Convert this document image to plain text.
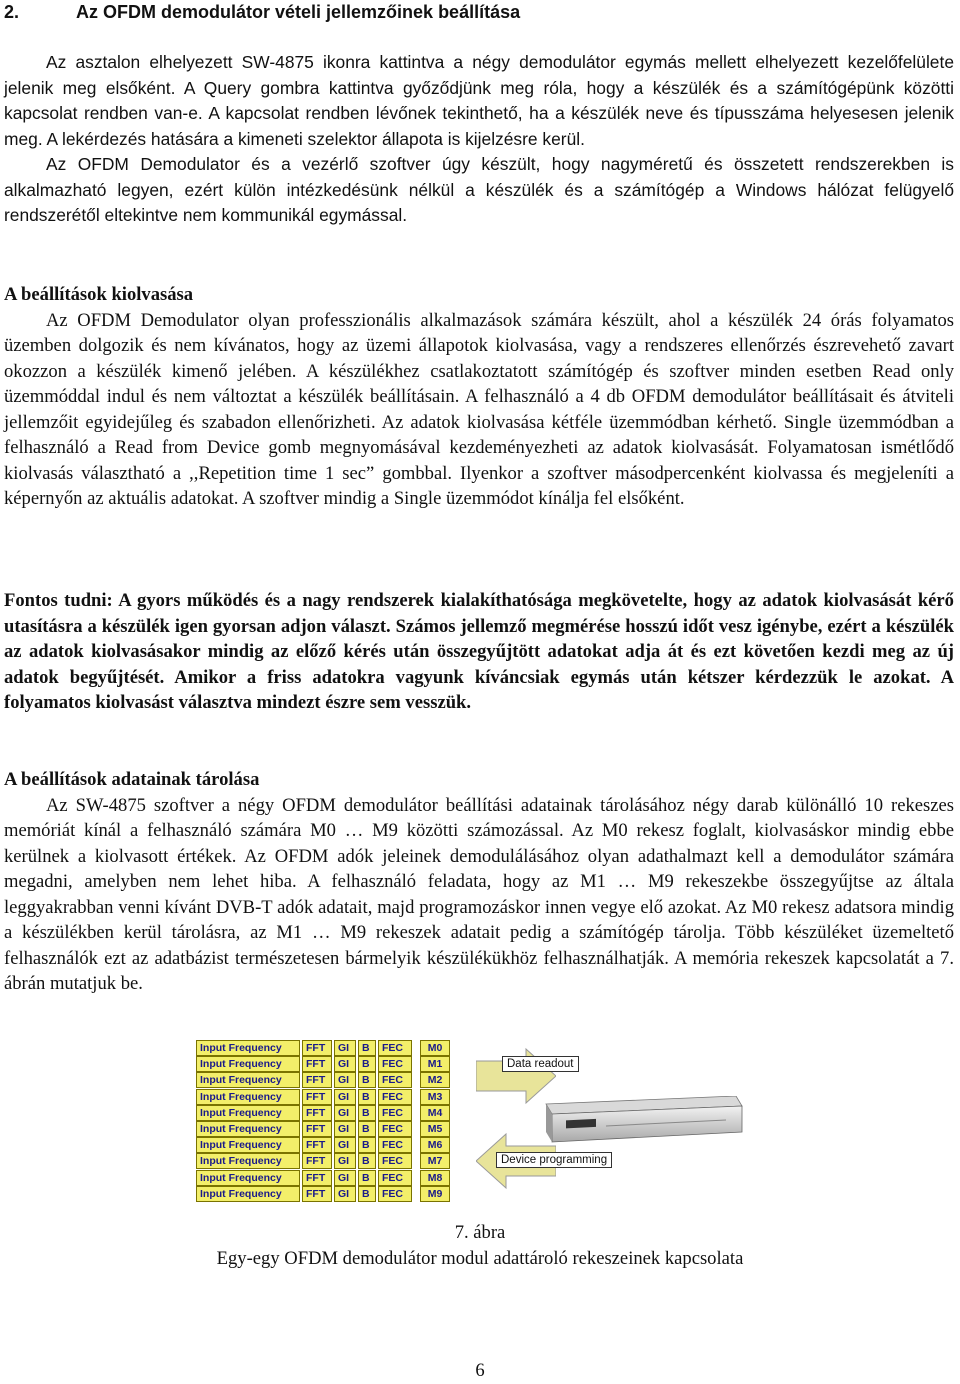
2.	Az OFDM demodulátor vételi jellemzőinek beállítása

Az asztalon elhelyezett SW-4875 ikonra kattintva a négy demodulátor egymás mellett elhelyezett kezelőfelülete jelenik meg elsőként. A Query gombra kattintva győződjünk meg róla, hogy a készülék és a számítógépünk közötti kapcsolat rendben van-e. A kapcsolat rendben lévőnek tekinthető, ha a készülék neve és típusszáma helyesesen jelenik meg. A lekérdezés hatására a kimeneti szelektor állapota is kijelzésre kerül.

Az OFDM Demodulator és a vezérlő szoftver úgy készült, hogy nagyméretű és összetett rendszerekben is alkalmazható legyen, ezért külön intézkedésünk nélkül a készülék és a számítógép a Windows hálózat felügyelő rendszerétől eltekintve nem kommunikál egymással.

A beállítások kiolvasása

Az OFDM Demodulator olyan professzionális alkalmazások számára készült, ahol a készülék 24 órás folyamatos üzemben dolgozik és nem kívánatos, hogy az üzemi állapotok kiolvasása, vagy a rendszeres ellenőrzés észrevehető zavart okozzon a készülék kimenő jelében. A készülékhez csatlakoztatott számítógép és szoftver minden esetben Read only üzemmóddal indul és nem változtat a készülék beállításain. A felhasználó a 4 db OFDM demodulátor beállításait és átviteli jellemzőit egyidejűleg és szabadon ellenőrizheti. Az adatok kiolvasása kétféle üzemmódban kérhető. Single üzemmódban a felhasználó a Read from Device gomb megnyomásával kezdeményezheti az adatok kiolvasását. Folyamatosan ismétlődő kiolvasás választható a ,,Repetition time 1 sec” gombbal. Ilyenkor a szoftver másodpercenként kiolvassa és megjeleníti a képernyőn az aktuális adatokat. A szoftver mindig a Single üzemmódot kínálja fel elsőként.

Fontos tudni: A gyors működés és a nagy rendszerek kialakíthatósága megkövetelte, hogy az adatok kiolvasását kérő utasításra a készülék igen gyorsan adjon választ. Számos jellemző megmérése hosszú időt vesz igénybe, ezért a készülék az adatok kiolvasásakor mindig az előző kérés után összegyűjtött adatokat adja át és ezt követően kezdi meg az új adatok begyűjtését. Amikor a friss adatokra vagyunk kíváncsiak egymás után kétszer kérdezzük le azokat. A folyamatos kiolvasást választva mindezt észre sem vesszük.

A beállítások adatainak tárolása

Az SW-4875 szoftver a négy OFDM demodulátor beállítási adatainak tárolásához négy darab különálló 10 rekeszes memóriát kínál a felhasználó számára M0 … M9 közötti számozással. Az M0 rekesz foglalt, kiolvasáskor mindig ebbe kerülnek a kiolvasott értékek. Az OFDM adók jeleinek demodulálásához olyan adathalmazt kell a demodulátor számára megadni, amelyben nem lehet hiba. A felhasználó feladata, hogy az M1 … M9 rekeszekbe összegyűjtse az általa leggyakrabban venni kívánt DVB-T adók adatait, majd programozáskor innen vegye elő azokat. Az M0 rekesz adatsora mindig a készülékben kerül tárolásra, az M1 … M9 rekeszek adatait pedig a számítógép tárolja. Több készüléket üzemeltető felhasználók ezt az adatbázist természetesen bármelyik készülékükhöz felhasználhatják. A memória rekeszek kapcsolatát a 7. ábrán mutatjuk be.

Input Frequency	FFT	GI	B	FEC	M0
Input Frequency	FFT	GI	B	FEC	M1
Input Frequency	FFT	GI	B	FEC	M2
Input Frequency	FFT	GI	B	FEC	M3
Input Frequency	FFT	GI	B	FEC	M4
Input Frequency	FFT	GI	B	FEC	M5
Input Frequency	FFT	GI	B	FEC	M6
Input Frequency	FFT	GI	B	FEC	M7
Input Frequency	FFT	GI	B	FEC	M8
Input Frequency	FFT	GI	B	FEC	M9
Data readout
Device programming
7. ábra
Egy-egy OFDM demodulátor modul adattároló rekeszeinek kapcsolata
6
